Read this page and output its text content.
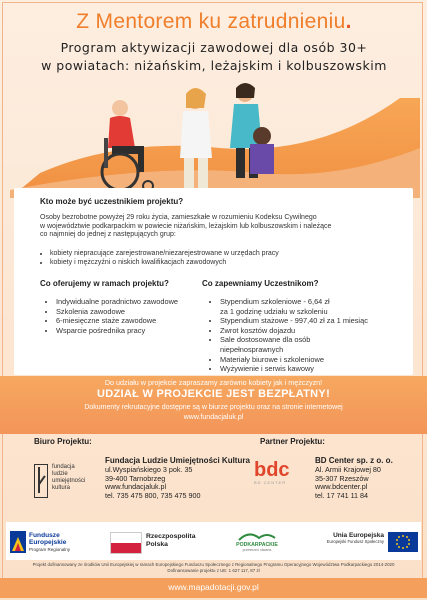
Z Mentorem ku zatrudnieniu.
Program aktywizacji zawodowej dla osób 30+
w powiatach: niżańskim, leżajskim i kolbuszowskim
Kto może być uczestnikiem projektu?
Osoby bezrobotne powyżej 29 roku życia, zamieszkałe w rozumieniu Kodeksu Cywilnego
w województwie podkarpackim w powiecie niżańskim, leżajskim lub kolbuszowskim i należące
co najmniej do jednej z następujących grup:
• kobiety niepracujące zarejestrowane/niezarejestrowane w urzędach pracy
• kobiety i mężczyźni o niskich kwalifikacjach zawodowych
Co oferujemy w ramach projektu?
• Indywidualne poradnictwo zawodowe
• Szkolenia zawodowe
• 6-miesięczne staże zawodowe
• Wsparcie pośrednika pracy
Co zapewniamy Uczestnikom?
• Stypendium szkoleniowe - 6,64 zł
za 1 godzinę udziału w szkoleniu
• Stypendium stażowe - 997,40 zł za 1 miesiąc
• Zwrot kosztów dojazdu
• Sale dostosowane dla osób
niepełnosprawnych
• Materiały biurowe i szkoleniowe
• Wyżywienie i serwis kawowy
Do udziału w projekcie zapraszamy zarówno kobiety jak i mężczyzn!
UDZIAŁ W PROJEKCIE JEST BEZPŁATNY!
Dokumenty rekrutacyjne dostępne są w biurze projektu oraz na stronie internetowej
www.fundacjaluk.pl
Biuro Projektu:
fundacja
ludzie
umiejętności
kultura
Fundacja Ludzie Umiejętności Kultura
ul.Wyspiańskiego 3 pok. 35
39-400 Tarnobrzeg
www.fundacjaluk.pl
tel. 735 475 800, 735 475 900
Partner Projektu:
bdc
BD CENTER
BD Center sp. z o. o.
Al. Armii Krajowej 80
35-307 Rzeszów
www.bdcenter.pl
tel. 17 741 11 84
Fundusze Europejskie
Program Regionalny
Rzeczpospolita
Polska	PODKARPACKIE
przestrzeń otwarta
Unia Europejska
Europejski Fundusz Społeczny
Projekt dofinansowany ze środków Unii Europejskiej w ramach Europejskiego Funduszu Społecznego z Regionalnego Programu Operacyjnego Województwa Podkarpackiego 2014-2020
Dofinansowanie projektu z UE: 1 627 117, 87 zł
www.mapadotacji.gov.pl
